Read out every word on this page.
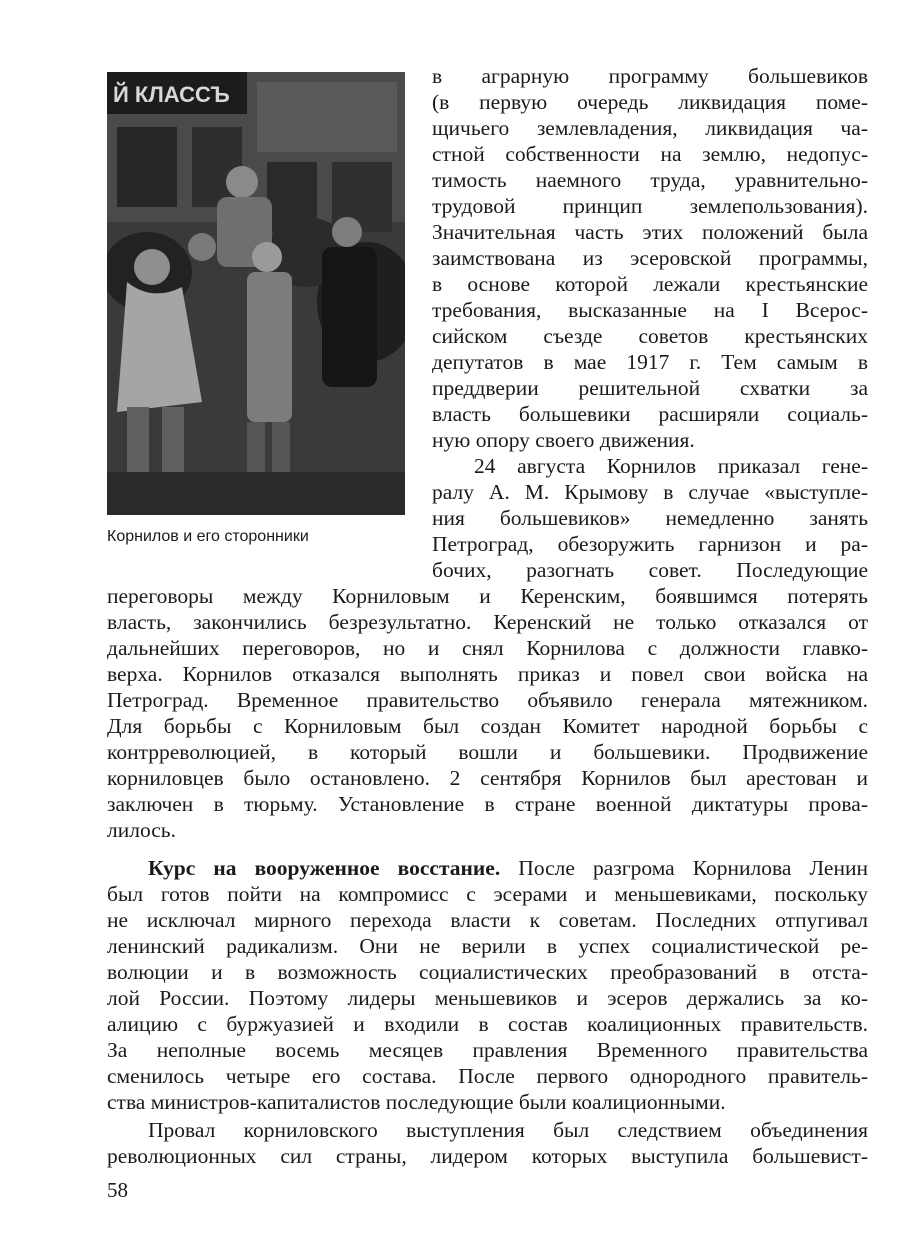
Й КЛАССЪ
Корнилов и его сторонники
в аграрную программу большевиков
(в первую очередь ликвидация поме-
щичьего землевладения, ликвидация ча-
стной собственности на землю, недопус-
тимость наемного труда, уравнительно-
трудовой принцип землепользования).
Значительная часть этих положений была
заимствована из эсеровской программы,
в основе которой лежали крестьянские
требования, высказанные на I Всерос-
сийском съезде советов крестьянских
депутатов в мае 1917 г. Тем самым в
преддверии решительной схватки за
власть большевики расширяли социаль-
ную опору своего движения.
24 августа Корнилов приказал гене-
ралу А. М. Крымову в случае «выступле-
ния большевиков» немедленно занять
Петроград, обезоружить гарнизон и ра-
бочих, разогнать совет. Последующие
переговоры между Корниловым и Керенским, боявшимся потерять
власть, закончились безрезультатно. Керенский не только отказался от
дальнейших переговоров, но и снял Корнилова с должности главко-
верха. Корнилов отказался выполнять приказ и повел свои войска на
Петроград. Временное правительство объявило генерала мятежником.
Для борьбы с Корниловым был создан Комитет народной борьбы с
контрреволюцией, в который вошли и большевики. Продвижение
корниловцев было остановлено. 2 сентября Корнилов был арестован и
заключен в тюрьму. Установление в стране военной диктатуры прова-
лилось.
Курс на вооруженное восстание. После разгрома Корнилова Ленин
был готов пойти на компромисс с эсерами и меньшевиками, поскольку
не исключал мирного перехода власти к советам. Последних отпугивал
ленинский радикализм. Они не верили в успех социалистической ре-
волюции и в возможность социалистических преобразований в отста-
лой России. Поэтому лидеры меньшевиков и эсеров держались за ко-
алицию с буржуазией и входили в состав коалиционных правительств.
За неполные восемь месяцев правления Временного правительства
сменилось четыре его состава. После первого однородного правитель-
ства министров-капиталистов последующие были коалиционными.
Провал корниловского выступления был следствием объединения
революционных сил страны, лидером которых выступила большевист-
58
